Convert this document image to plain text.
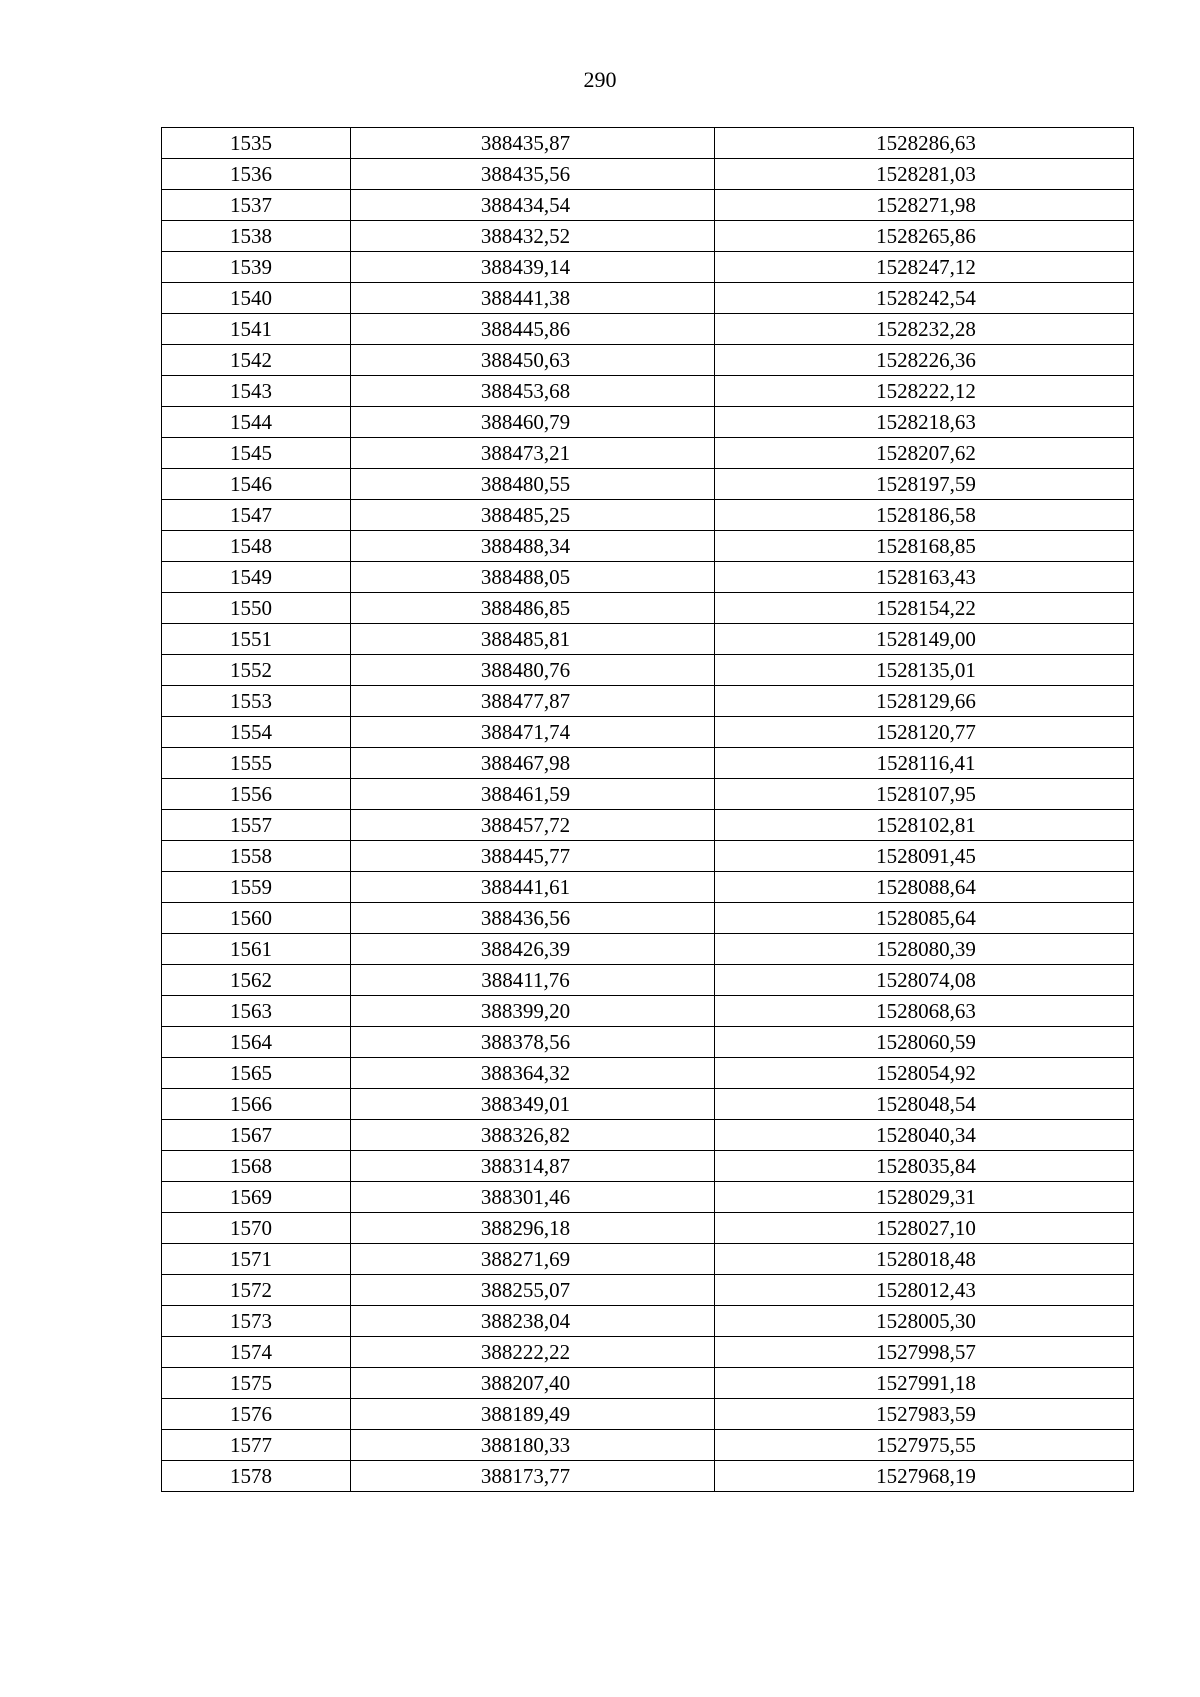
290
1535	388435,87	1528286,63
1536	388435,56	1528281,03
1537	388434,54	1528271,98
1538	388432,52	1528265,86
1539	388439,14	1528247,12
1540	388441,38	1528242,54
1541	388445,86	1528232,28
1542	388450,63	1528226,36
1543	388453,68	1528222,12
1544	388460,79	1528218,63
1545	388473,21	1528207,62
1546	388480,55	1528197,59
1547	388485,25	1528186,58
1548	388488,34	1528168,85
1549	388488,05	1528163,43
1550	388486,85	1528154,22
1551	388485,81	1528149,00
1552	388480,76	1528135,01
1553	388477,87	1528129,66
1554	388471,74	1528120,77
1555	388467,98	1528116,41
1556	388461,59	1528107,95
1557	388457,72	1528102,81
1558	388445,77	1528091,45
1559	388441,61	1528088,64
1560	388436,56	1528085,64
1561	388426,39	1528080,39
1562	388411,76	1528074,08
1563	388399,20	1528068,63
1564	388378,56	1528060,59
1565	388364,32	1528054,92
1566	388349,01	1528048,54
1567	388326,82	1528040,34
1568	388314,87	1528035,84
1569	388301,46	1528029,31
1570	388296,18	1528027,10
1571	388271,69	1528018,48
1572	388255,07	1528012,43
1573	388238,04	1528005,30
1574	388222,22	1527998,57
1575	388207,40	1527991,18
1576	388189,49	1527983,59
1577	388180,33	1527975,55
1578	388173,77	1527968,19
